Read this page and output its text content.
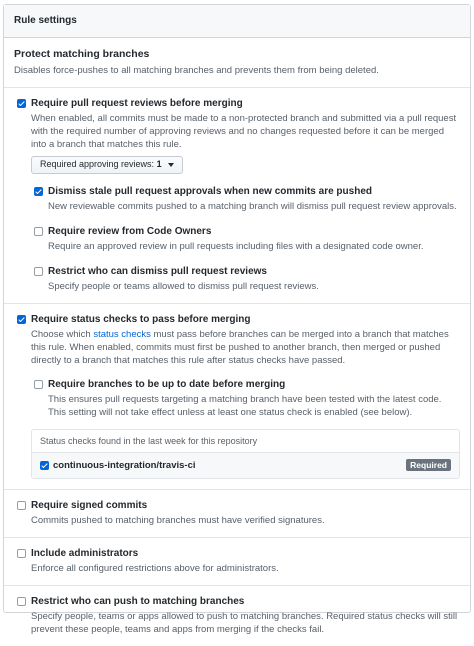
Rule settings
Protect matching branches
Disables force-pushes to all matching branches and prevents them from being deleted.
Require pull request reviews before merging
When enabled, all commits must be made to a non-protected branch and submitted via a pull request with the required number of approving reviews and no changes requested before it can be merged into a branch that matches this rule.
Required approving reviews: 1
Dismiss stale pull request approvals when new commits are pushed
New reviewable commits pushed to a matching branch will dismiss pull request review approvals.
Require review from Code Owners
Require an approved review in pull requests including files with a designated code owner.
Restrict who can dismiss pull request reviews
Specify people or teams allowed to dismiss pull request reviews.
Require status checks to pass before merging
Choose which status checks must pass before branches can be merged into a branch that matches this rule. When enabled, commits must first be pushed to another branch, then merged or pushed directly to a branch that matches this rule after status checks have passed.
Require branches to be up to date before merging
This ensures pull requests targeting a matching branch have been tested with the latest code. This setting will not take effect unless at least one status check is enabled (see below).
Status checks found in the last week for this repository
continuous-integration/travis-ci	Required
Require signed commits
Commits pushed to matching branches must have verified signatures.
Include administrators
Enforce all configured restrictions above for administrators.
Restrict who can push to matching branches
Specify people, teams or apps allowed to push to matching branches. Required status checks will still prevent these people, teams and apps from merging if the checks fail.
